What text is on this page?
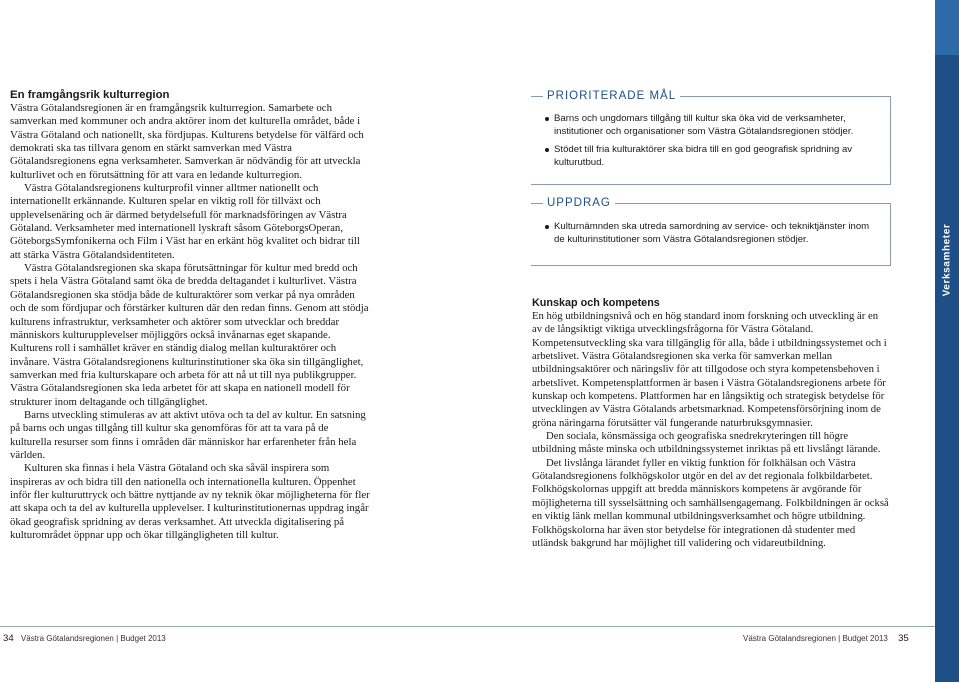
En framgångsrik kulturregion

Västra Götalandsregionen är en framgångsrik kulturregion. Samarbete och samverkan med kommuner och andra aktörer inom det kulturella området, både i Västra Götaland och nationellt, ska fördjupas. Kulturens betydelse för välfärd och demokrati ska tas tillvara genom en stärkt samverkan med Västra Götalandsregionens egna verksamheter. Samverkan är nödvändig för att utveckla kulturlivet och en förutsättning för att vara en ledande kulturregion.

Västra Götalandsregionens kulturprofil vinner alltmer nationellt och internationellt erkännande. Kulturen spelar en viktig roll för tillväxt och upplevelsenäring och är därmed betydelsefull för marknadsföringen av Västra Götaland. Verksamheter med internationell lyskraft såsom GöteborgsOperan, GöteborgsSymfonikerna och Film i Väst har en erkänt hög kvalitet och bidrar till att stärka Västra Götalandsidentiteten.

Västra Götalandsregionen ska skapa förutsättningar för kultur med bredd och spets i hela Västra Götaland samt öka de bredda deltagandet i kulturlivet. Västra Götalandsregionen ska stödja både de kulturaktörer som verkar på nya områden och de som fördjupar och förstärker kulturen där den redan finns. Genom att stödja kulturens infrastruktur, verksamheter och aktörer som utvecklar och breddar människors kulturupplevelser möjliggörs också invånarnas eget skapande. Kulturens roll i samhället kräver en ständig dialog mellan kulturaktörer och invånare. Västra Götalandsregionens kulturinstitutioner ska öka sin tillgänglighet, samverkan med fria kulturskapare och arbeta för att nå ut till nya publikgrupper. Västra Götalandsregionen ska leda arbetet för att skapa en nationell modell för strukturer inom deltagande och tillgänglighet.

Barns utveckling stimuleras av att aktivt utöva och ta del av kultur. En satsning på barns och ungas tillgång till kultur ska genomföras för att ta vara på de kulturella resurser som finns i områden där människor har erfarenheter från hela världen.

Kulturen ska finnas i hela Västra Götaland och ska såväl inspirera som inspireras av och bidra till den nationella och internationella kulturen. Öppenhet inför fler kulturuttryck och bättre nyttjande av ny teknik ökar möjligheterna för fler att skapa och ta del av kulturella upplevelser. I kulturinstitutionernas uppdrag ingår ökad geografisk spridning av deras verksamhet. Att utveckla digitalisering på kulturområdet öppnar upp och ökar tillgängligheten till kultur.

PRIORITERADE MÅL
Barns och ungdomars tillgång till kultur ska öka vid de verksamheter, institutioner och organisationer som Västra Götalandsregionen stödjer.
Stödet till fria kulturaktörer ska bidra till en god geografisk spridning av kulturutbud.
UPPDRAG
Kulturnämnden ska utreda samordning av service- och tekniktjänster inom de kulturinstitutioner som Västra Götalandsregionen stödjer.
Kunskap och kompetens

En hög utbildningsnivå och en hög standard inom forskning och utveckling är en av de långsiktigt viktiga utvecklingsfrågorna för Västra Götaland. Kompetensutveckling ska vara tillgänglig för alla, både i utbildningssystemet och i arbetslivet. Västra Götalandsregionen ska verka för samverkan mellan utbildningsaktörer och näringsliv för att tillgodose och styra kompetensbehoven i arbetslivet. Kompetensplattformen är basen i Västra Götalandsregionens arbete för kunskap och kompetens. Plattformen har en långsiktig och strategisk betydelse för utvecklingen av Västra Götalands arbetsmarknad. Kompetensförsörjning inom de gröna näringarna förutsätter väl fungerande naturbruksgymnasier.

Den sociala, könsmässiga och geografiska snedrekryteringen till högre utbildning måste minska och utbildningssystemet inriktas på ett livslångt lärande.

Det livslånga lärandet fyller en viktig funktion för folkhälsan och Västra Götalandsregionens folkhögskolor utgör en del av det regionala folkbildarbetet. Folkhögskolornas uppgift att bredda människors kompetens är avgörande för möjligheterna till sysselsättning och samhällsengagemang. Folkbildningen är också en viktig länk mellan kommunal utbildningsverksamhet och högre utbildning. Folkhögskolorna har även stor betydelse för integrationen då studenter med utländsk bakgrund har möjlighet till validering och vidareutbildning.

Verksamheter
34 Västra Götalandsregionen | Budget 2013	Västra Götalandsregionen | Budget 2013 35
